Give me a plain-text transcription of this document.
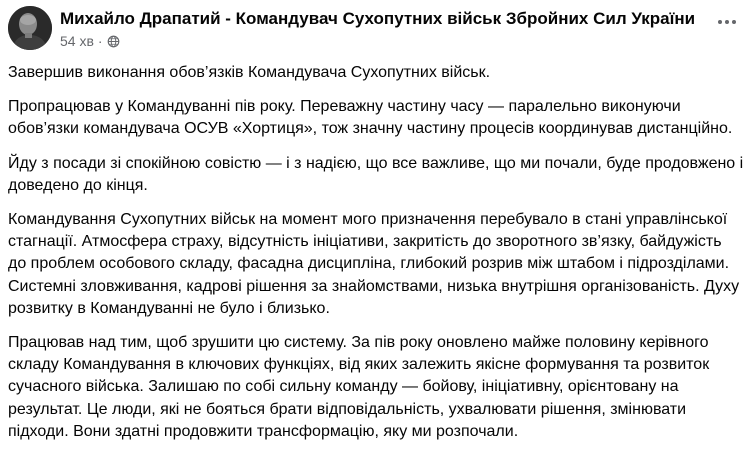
Михайло Драпатий - Командувач Сухопутних військ Збройних Сил України
54 хв ·

Завершив виконання обов’язків Командувача Сухопутних військ.

Пропрацював у Командуванні пів року. Переважну частину часу — паралельно виконуючи обов’язки командувача ОСУВ «Хортиця», тож значну частину процесів координував дистанційно.

Йду з посади зі спокійною совістю — і з надією, що все важливе, що ми почали, буде продовжено і доведено до кінця.

Командування Сухопутних військ на момент мого призначення перебувало в стані управлінської стагнації. Атмосфера страху, відсутність ініціативи, закритість до зворотного зв’язку, байдужість до проблем особового складу, фасадна дисципліна, глибокий розрив між штабом і підрозділами. Системні зловживання, кадрові рішення за знайомствами, низька внутрішня організованість. Духу розвитку в Командуванні не було і близько.

Працював над тим, щоб зрушити цю систему. За пів року оновлено майже половину керівного складу Командування в ключових функціях, від яких залежить якісне формування та розвиток сучасного війська. Залишаю по собі сильну команду — бойову, ініціативну, орієнтовану на результат. Це люди, які не бояться брати відповідальність, ухвалювати рішення, змінювати підходи. Вони здатні продовжити трансформацію, яку ми розпочали.
